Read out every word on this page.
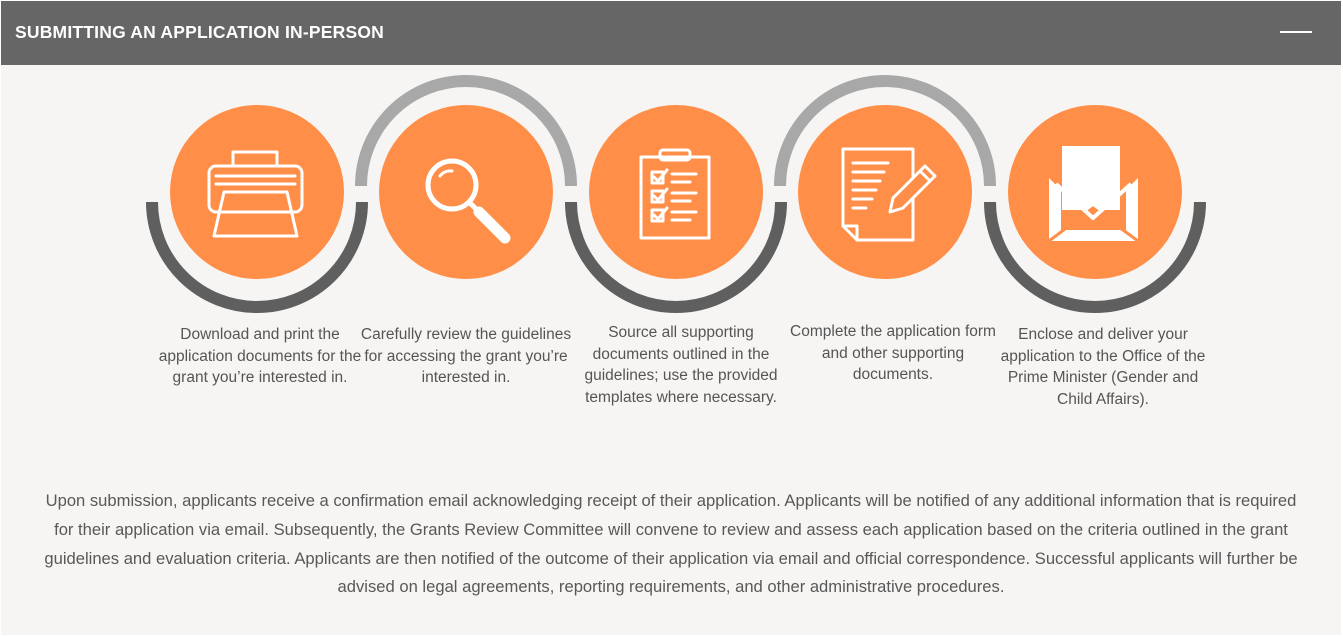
SUBMITTING AN APPLICATION IN-PERSON
Download and print the application documents for the grant you’re interested in.
Carefully review the guidelines for accessing the grant you’re interested in.
Source all supporting documents outlined in the guidelines; use the provided templates where necessary.
Complete the application form and other supporting documents.
Enclose and deliver your application to the Office of the Prime Minister (Gender and Child Affairs).
Upon submission, applicants receive a confirmation email acknowledging receipt of their application. Applicants will be notified of any additional information that is required for their application via email. Subsequently, the Grants Review Committee will convene to review and assess each application based on the criteria outlined in the grant guidelines and evaluation criteria. Applicants are then notified of the outcome of their application via email and official correspondence. Successful applicants will further be advised on legal agreements, reporting requirements, and other administrative procedures.
